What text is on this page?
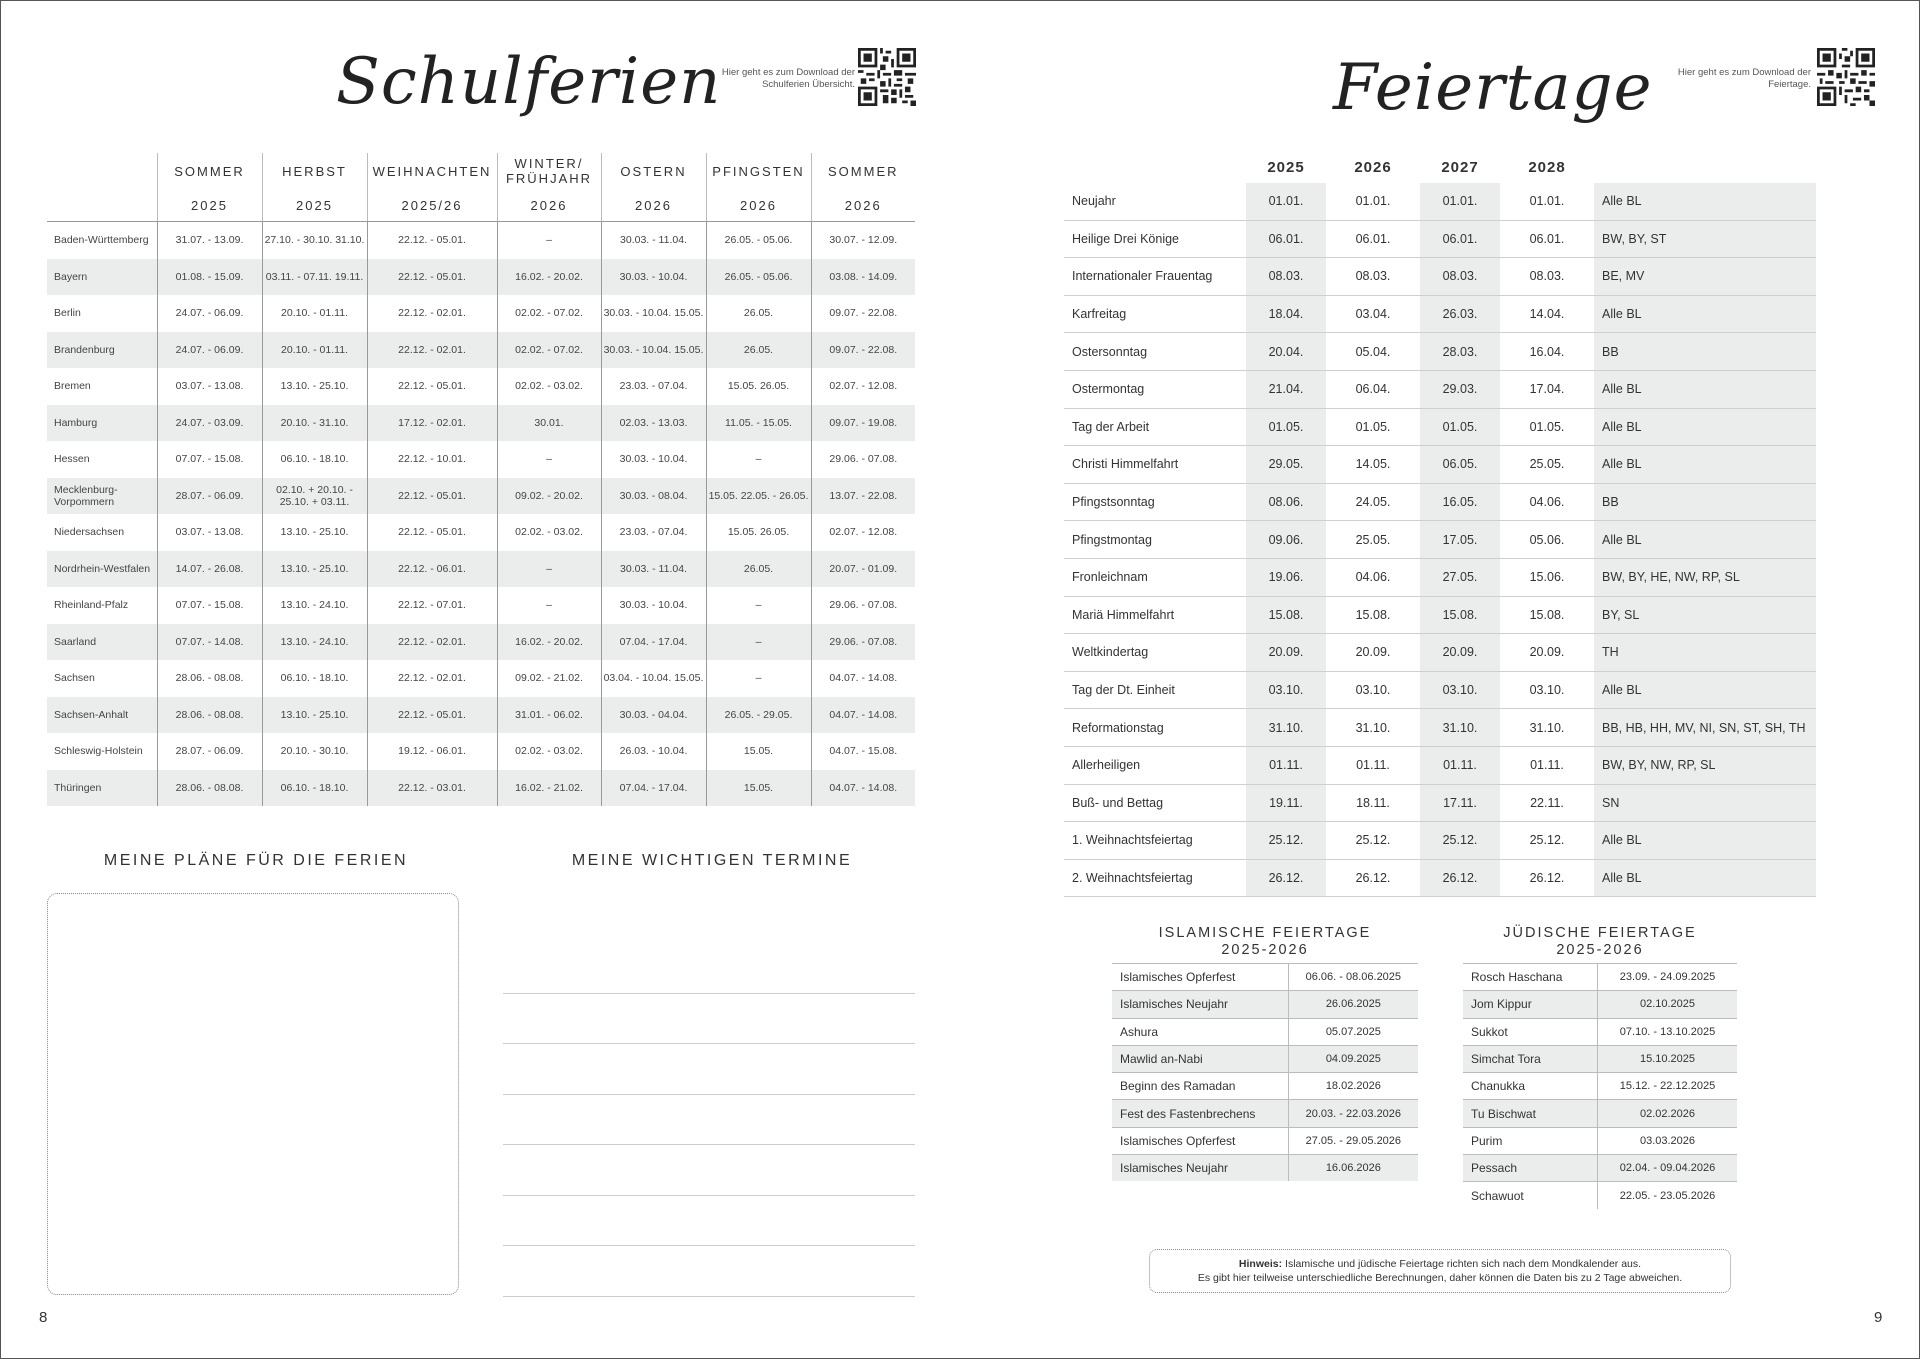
Schulferien Hier geht es zum Download der Schulferien Übersicht.
	SOMMER	HERBST	WEIHNACHTEN	WINTER/ FRÜHJAHR	OSTERN	PFINGSTEN	SOMMER
	2025	2025	2025/26	2026	2026	2026	2026
Baden-Württemberg	31.07. - 13.09.	27.10. - 30.10. 31.10.	22.12. - 05.01.	–	30.03. - 11.04.	26.05. - 05.06.	30.07. - 12.09.
Bayern	01.08. - 15.09.	03.11. - 07.11. 19.11.	22.12. - 05.01.	16.02. - 20.02.	30.03. - 10.04.	26.05. - 05.06.	03.08. - 14.09.
Berlin	24.07. - 06.09.	20.10. - 01.11.	22.12. - 02.01.	02.02. - 07.02.	30.03. - 10.04. 15.05.	26.05.	09.07. - 22.08.
Brandenburg	24.07. - 06.09.	20.10. - 01.11.	22.12. - 02.01.	02.02. - 07.02.	30.03. - 10.04. 15.05.	26.05.	09.07. - 22.08.
Bremen	03.07. - 13.08.	13.10. - 25.10.	22.12. - 05.01.	02.02. - 03.02.	23.03. - 07.04.	15.05. 26.05.	02.07. - 12.08.
Hamburg	24.07. - 03.09.	20.10. - 31.10.	17.12. - 02.01.	30.01.	02.03. - 13.03.	11.05. - 15.05.	09.07. - 19.08.
Hessen	07.07. - 15.08.	06.10. - 18.10.	22.12. - 10.01.	–	30.03. - 10.04.	–	29.06. - 07.08.
Mecklenburg-Vorpommern	28.07. - 06.09.	02.10. + 20.10. - 25.10. + 03.11.	22.12. - 05.01.	09.02. - 20.02.	30.03. - 08.04.	15.05. 22.05. - 26.05.	13.07. - 22.08.
Niedersachsen	03.07. - 13.08.	13.10. - 25.10.	22.12. - 05.01.	02.02. - 03.02.	23.03. - 07.04.	15.05. 26.05.	02.07. - 12.08.
Nordrhein-Westfalen	14.07. - 26.08.	13.10. - 25.10.	22.12. - 06.01.	–	30.03. - 11.04.	26.05.	20.07. - 01.09.
Rheinland-Pfalz	07.07. - 15.08.	13.10. - 24.10.	22.12. - 07.01.	–	30.03. - 10.04.	–	29.06. - 07.08.
Saarland	07.07. - 14.08.	13.10. - 24.10.	22.12. - 02.01.	16.02. - 20.02.	07.04. - 17.04.	–	29.06. - 07.08.
Sachsen	28.06. - 08.08.	06.10. - 18.10.	22.12. - 02.01.	09.02. - 21.02.	03.04. - 10.04. 15.05.	–	04.07. - 14.08.
Sachsen-Anhalt	28.06. - 08.08.	13.10. - 25.10.	22.12. - 05.01.	31.01. - 06.02.	30.03. - 04.04.	26.05. - 29.05.	04.07. - 14.08.
Schleswig-Holstein	28.07. - 06.09.	20.10. - 30.10.	19.12. - 06.01.	02.02. - 03.02.	26.03. - 10.04.	15.05.	04.07. - 15.08.
Thüringen	28.06. - 08.08.	06.10. - 18.10.	22.12. - 03.01.	16.02. - 21.02.	07.04. - 17.04.	15.05.	04.07. - 14.08.
MEINE PLÄNE FÜR DIE FERIEN	MEINE WICHTIGEN TERMINE
8
Feiertage	Hier geht es zum Download der Feiertage.
	2025		2026		2027		2028		
Neujahr	01.01.		01.01.		01.01.		01.01.		Alle BL
Heilige Drei Könige	06.01.		06.01.		06.01.		06.01.		BW, BY, ST
Internationaler Frauentag	08.03.		08.03.		08.03.		08.03.		BE, MV
Karfreitag	18.04.		03.04.		26.03.		14.04.		Alle BL
Ostersonntag	20.04.		05.04.		28.03.		16.04.		BB
Ostermontag	21.04.		06.04.		29.03.		17.04.		Alle BL
Tag der Arbeit	01.05.		01.05.		01.05.		01.05.		Alle BL
Christi Himmelfahrt	29.05.		14.05.		06.05.		25.05.		Alle BL
Pfingstsonntag	08.06.		24.05.		16.05.		04.06.		BB
Pfingstmontag	09.06.		25.05.		17.05.		05.06.		Alle BL
Fronleichnam	19.06.		04.06.		27.05.		15.06.		BW, BY, HE, NW, RP, SL
Mariä Himmelfahrt	15.08.		15.08.		15.08.		15.08.		BY, SL
Weltkindertag	20.09.		20.09.		20.09.		20.09.		TH
Tag der Dt. Einheit	03.10.		03.10.		03.10.		03.10.		Alle BL
Reformationstag	31.10.		31.10.		31.10.		31.10.		BB, HB, HH, MV, NI, SN, ST, SH, TH
Allerheiligen	01.11.		01.11.		01.11.		01.11.		BW, BY, NW, RP, SL
Buß- und Bettag	19.11.		18.11.		17.11.		22.11.		SN
1. Weihnachtsfeiertag	25.12.		25.12.		25.12.		25.12.		Alle BL
2. Weihnachtsfeiertag	26.12.		26.12.		26.12.		26.12.		Alle BL
ISLAMISCHE FEIERTAGE
2025-2026
Islamisches Opferfest	06.06. - 08.06.2025
Islamisches Neujahr	26.06.2025
Ashura	05.07.2025
Mawlid an-Nabi	04.09.2025
Beginn des Ramadan	18.02.2026
Fest des Fastenbrechens	20.03. - 22.03.2026
Islamisches Opferfest	27.05. - 29.05.2026
Islamisches Neujahr	16.06.2026
JÜDISCHE FEIERTAGE
2025-2026
Rosch Haschana	23.09. - 24.09.2025
Jom Kippur	02.10.2025
Sukkot	07.10. - 13.10.2025
Simchat Tora	15.10.2025
Chanukka	15.12. - 22.12.2025
Tu Bischwat	02.02.2026
Purim	03.03.2026
Pessach	02.04. - 09.04.2026
Schawuot	22.05. - 23.05.2026
Hinweis: Islamische und jüdische Feiertage richten sich nach dem Mondkalender aus.
Es gibt hier teilweise unterschiedliche Berechnungen, daher können die Daten bis zu 2 Tage abweichen.
9
